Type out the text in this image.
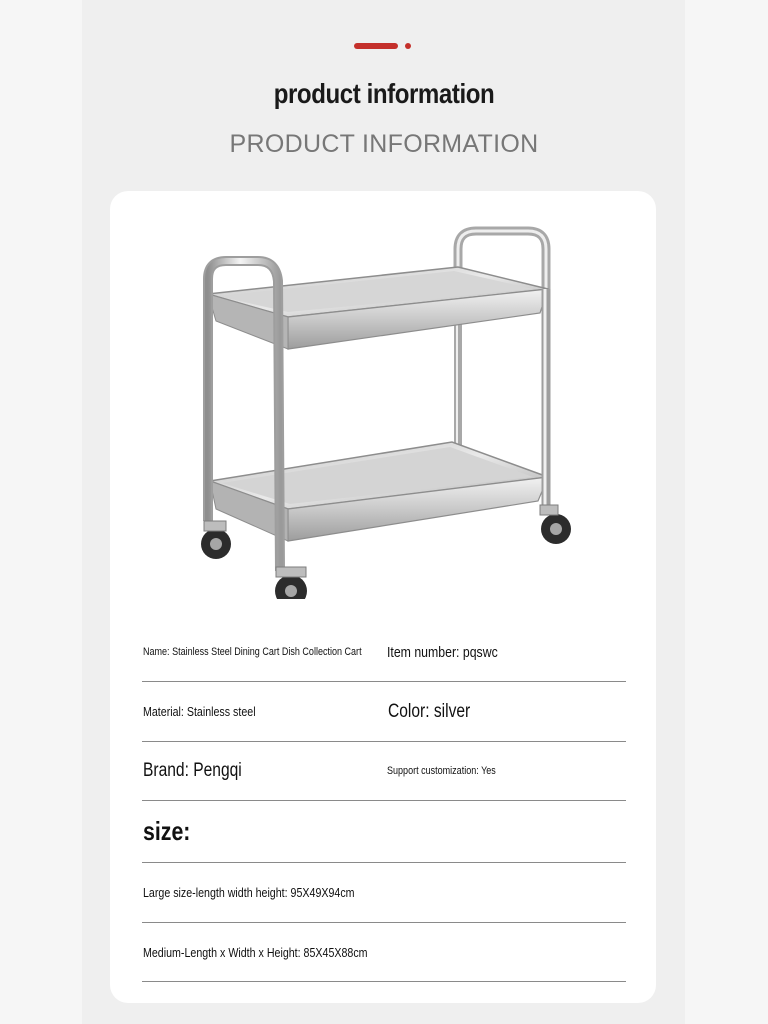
product information
PRODUCT INFORMATION
Name: Stainless Steel Dining Cart Dish Collection Cart Item number: pqswc
Material: Stainless steel	Color: silver
Brand: Pengqi	Support customization: Yes
size:
Large size-length width height: 95X49X94cm
Medium-Length x Width x Height: 85X45X88cm
